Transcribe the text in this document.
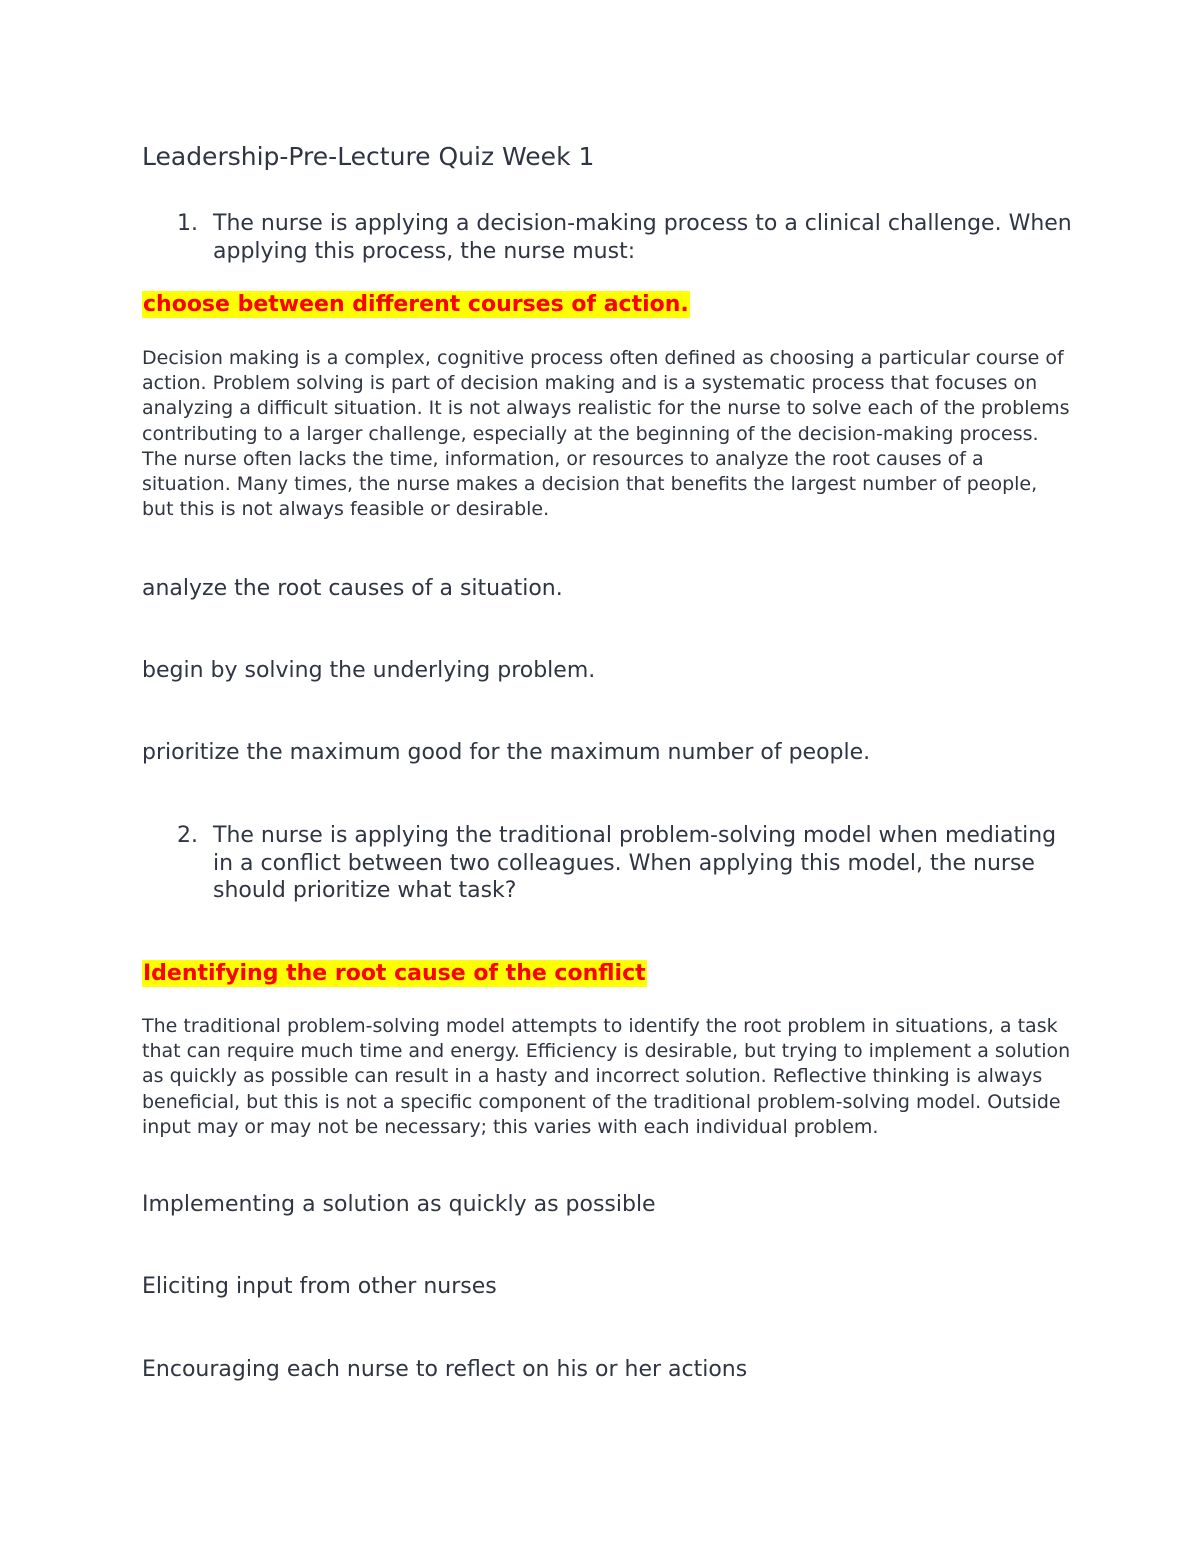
Leadership-Pre-Lecture Quiz Week 1
1. The nurse is applying a decision-making process to a clinical challenge. When applying this process, the nurse must:
choose between different courses of action.
Decision making is a complex, cognitive process often defined as choosing a particular course of action. Problem solving is part of decision making and is a systematic process that focuses on analyzing a difficult situation. It is not always realistic for the nurse to solve each of the problems contributing to a larger challenge, especially at the beginning of the decision-making process. The nurse often lacks the time, information, or resources to analyze the root causes of a situation. Many times, the nurse makes a decision that benefits the largest number of people, but this is not always feasible or desirable.
analyze the root causes of a situation.
begin by solving the underlying problem.
prioritize the maximum good for the maximum number of people.
2. The nurse is applying the traditional problem-solving model when mediating in a conflict between two colleagues. When applying this model, the nurse should prioritize what task?
Identifying the root cause of the conflict
The traditional problem-solving model attempts to identify the root problem in situations, a task that can require much time and energy. Efficiency is desirable, but trying to implement a solution as quickly as possible can result in a hasty and incorrect solution. Reflective thinking is always beneficial, but this is not a specific component of the traditional problem-solving model. Outside input may or may not be necessary; this varies with each individual problem.
Implementing a solution as quickly as possible
Eliciting input from other nurses
Encouraging each nurse to reflect on his or her actions
